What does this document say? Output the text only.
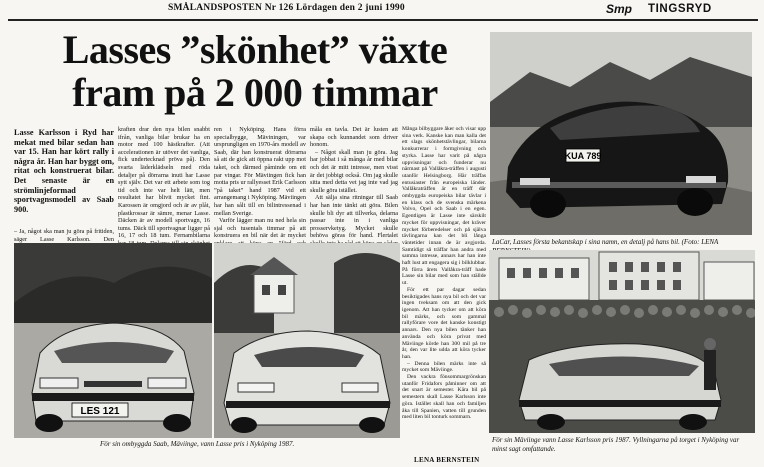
SMÅLANDSPOSTEN Nr 126 Lördagen den 2 juni 1990	Smp TINGSRYD
Lasses ”skönhet” växte fram på 2 000 timmar
KUA 789
LaCar, Lasses första bekantskap i sina namn, en detalj på hans bil. (Foto: LENA
Lasse Karlsson i Ryd har mekat med bilar sedan han var 15. Han har kört rally i några år. Han har byggt om, ritat och konstruerat bilar. Det senaste är en strömlinjeformad sportvagnsmodell av Saab 900.

– Ja, något ska man ju göra på fritiden, säger Lasse Karlsson. Den

kraften drar den nya bilen snabbt ifrån, vanliga bilar brukar ha en motor med 100 hästkrafter. (Att accelerationen är utöver det vanliga, fick undertecknad pröva på). Den svarta läderklädseln med röda detaljer på dörrarna inuti har Lasse sytt själv. Det var ett arbete som tog tid och inte var helt lätt, men resultatet har blivit mycket fint. Karossen är omgjord och är av plåt, plastkrossar är sämre, menar Lasse. Däcken är av modell sportvagn, 16 tums. Däck till sportvagnar ligger på 16, 17 och 18 tum. Fernambilarna

ren i Nyköping. Hans förra specialbygge, Mäviningen, var ursprungligen en 1970-års modell av Saab, där han konstruerat dörrarna så att de gick att öppna rakt upp mot taket, och därmed påminde om ett par vingar. För Mäviingen fick han motta pris ur rallyesset Erik Carlsson ”på taket” hand 1987 vid ett arrangemang i Nyköping. Mäviingen har han sålt till en bilintressenad i mellan Sverige.

Varför lägger man nu ned hela sin sjal och tusentals timmar på att konstruera en bil när det är mycket

måla en tavla. Det är lusten att skapa och kunnandet som driver honom.

– Något skall man ju göra. Jag har jobbat i så många år med bilar och det är mitt intresse, men visst är det jobbigt också. Om jag skulle sitta med detta vet jag inte vad jag skulle göra istället.

Att sälja sina ritningar till Saab har han inte tänkt att göra. Bilen skulle bli dyr att tillverka, delarna passar inte in i vanliga prosservketyg. Mycket skulle behöva göras för hand. Flertalet

Många bilbyggare åker och visar upp sina verk. Kanske kan man kalla det ett slags skönhetstävlingar, bilarna konkurrerar i formgivning och styrka. Lasse har varit på några uppvisningar och funderar nu närmast på Vallåkra-träffen i augusti utanför Helsingborg. Här träffas entusiaster från europeiska länder. Vallåkraträffen är en träff där ombyggda europeiska bilar tävlar i en klass och de svenska märkena Volvo, Opel och Saab i en egen. Egentligen är Lasse inte särskilt mycket för uppvisningar, det kräver mycket förberedelser och på själva tävlingarna kan det bli långa väntetider innan de är avgjorda. Samtidigt så träffar han andra med samma intresse, annars har han inte haft lust att engagera sig i bilklubbar. På förra årets Vallåkra-träff hade Lasse sin bilar med som han ställde ut.

För ett par dagar sedan besiktigades hans nya bil och det var ingen tveksam om att den gick igenom. Att han tycker om att köra bil märks, och som gammal rallyförare vore det kanske konstigt annars. Den nya bilen tänker han använda och köra privat med Mäviinge körde han 300 mil på tre år, den var lite udda att köra tycker han.

– Denna bilen märks inte så mycket som Mäviinge.

Den vackra fönsommargrönskan utanför Fridafors påminner om att det snart är semester. Kära bil på semestern skall Lasse Karlsson inte göra. Istället skall han och familjen åka till Spanien, vatten till grunden med liten bil tonturk sommarn.

LENA BERNSTEIN
LES 121
För sin ombyggda Saab, Mäviinge, vann Lasse pris i Nyköping 1987.	För sin Mäviinge vann Lasse Karlsson pris 1987. Vyllningarna på torget i Nyköping var minst sagt omfattande.
